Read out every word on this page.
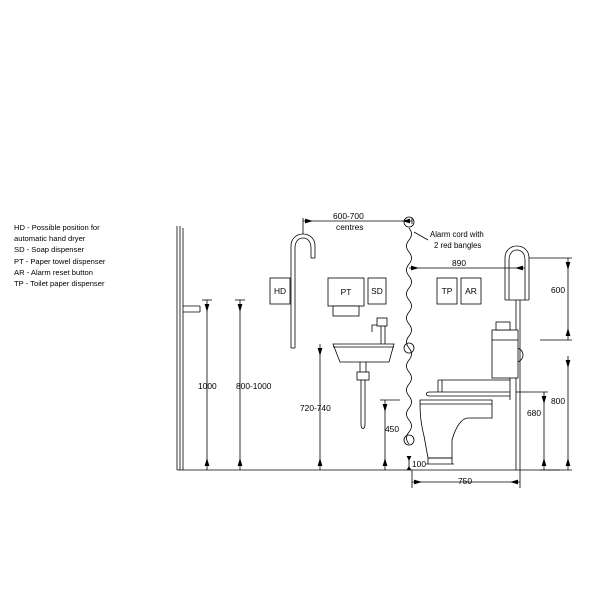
HD - Possible position for
automatic hand dryer
SD - Soap dispenser
PT - Paper towel dispenser
AR - Alarm reset button
TP - Toilet paper dispenser
HD	PT	SD	TP	AR
Alarm cord with
2 red bangles
600-700
centres
890
600
1000 800-1000
720-740
450
100
750
800
680
